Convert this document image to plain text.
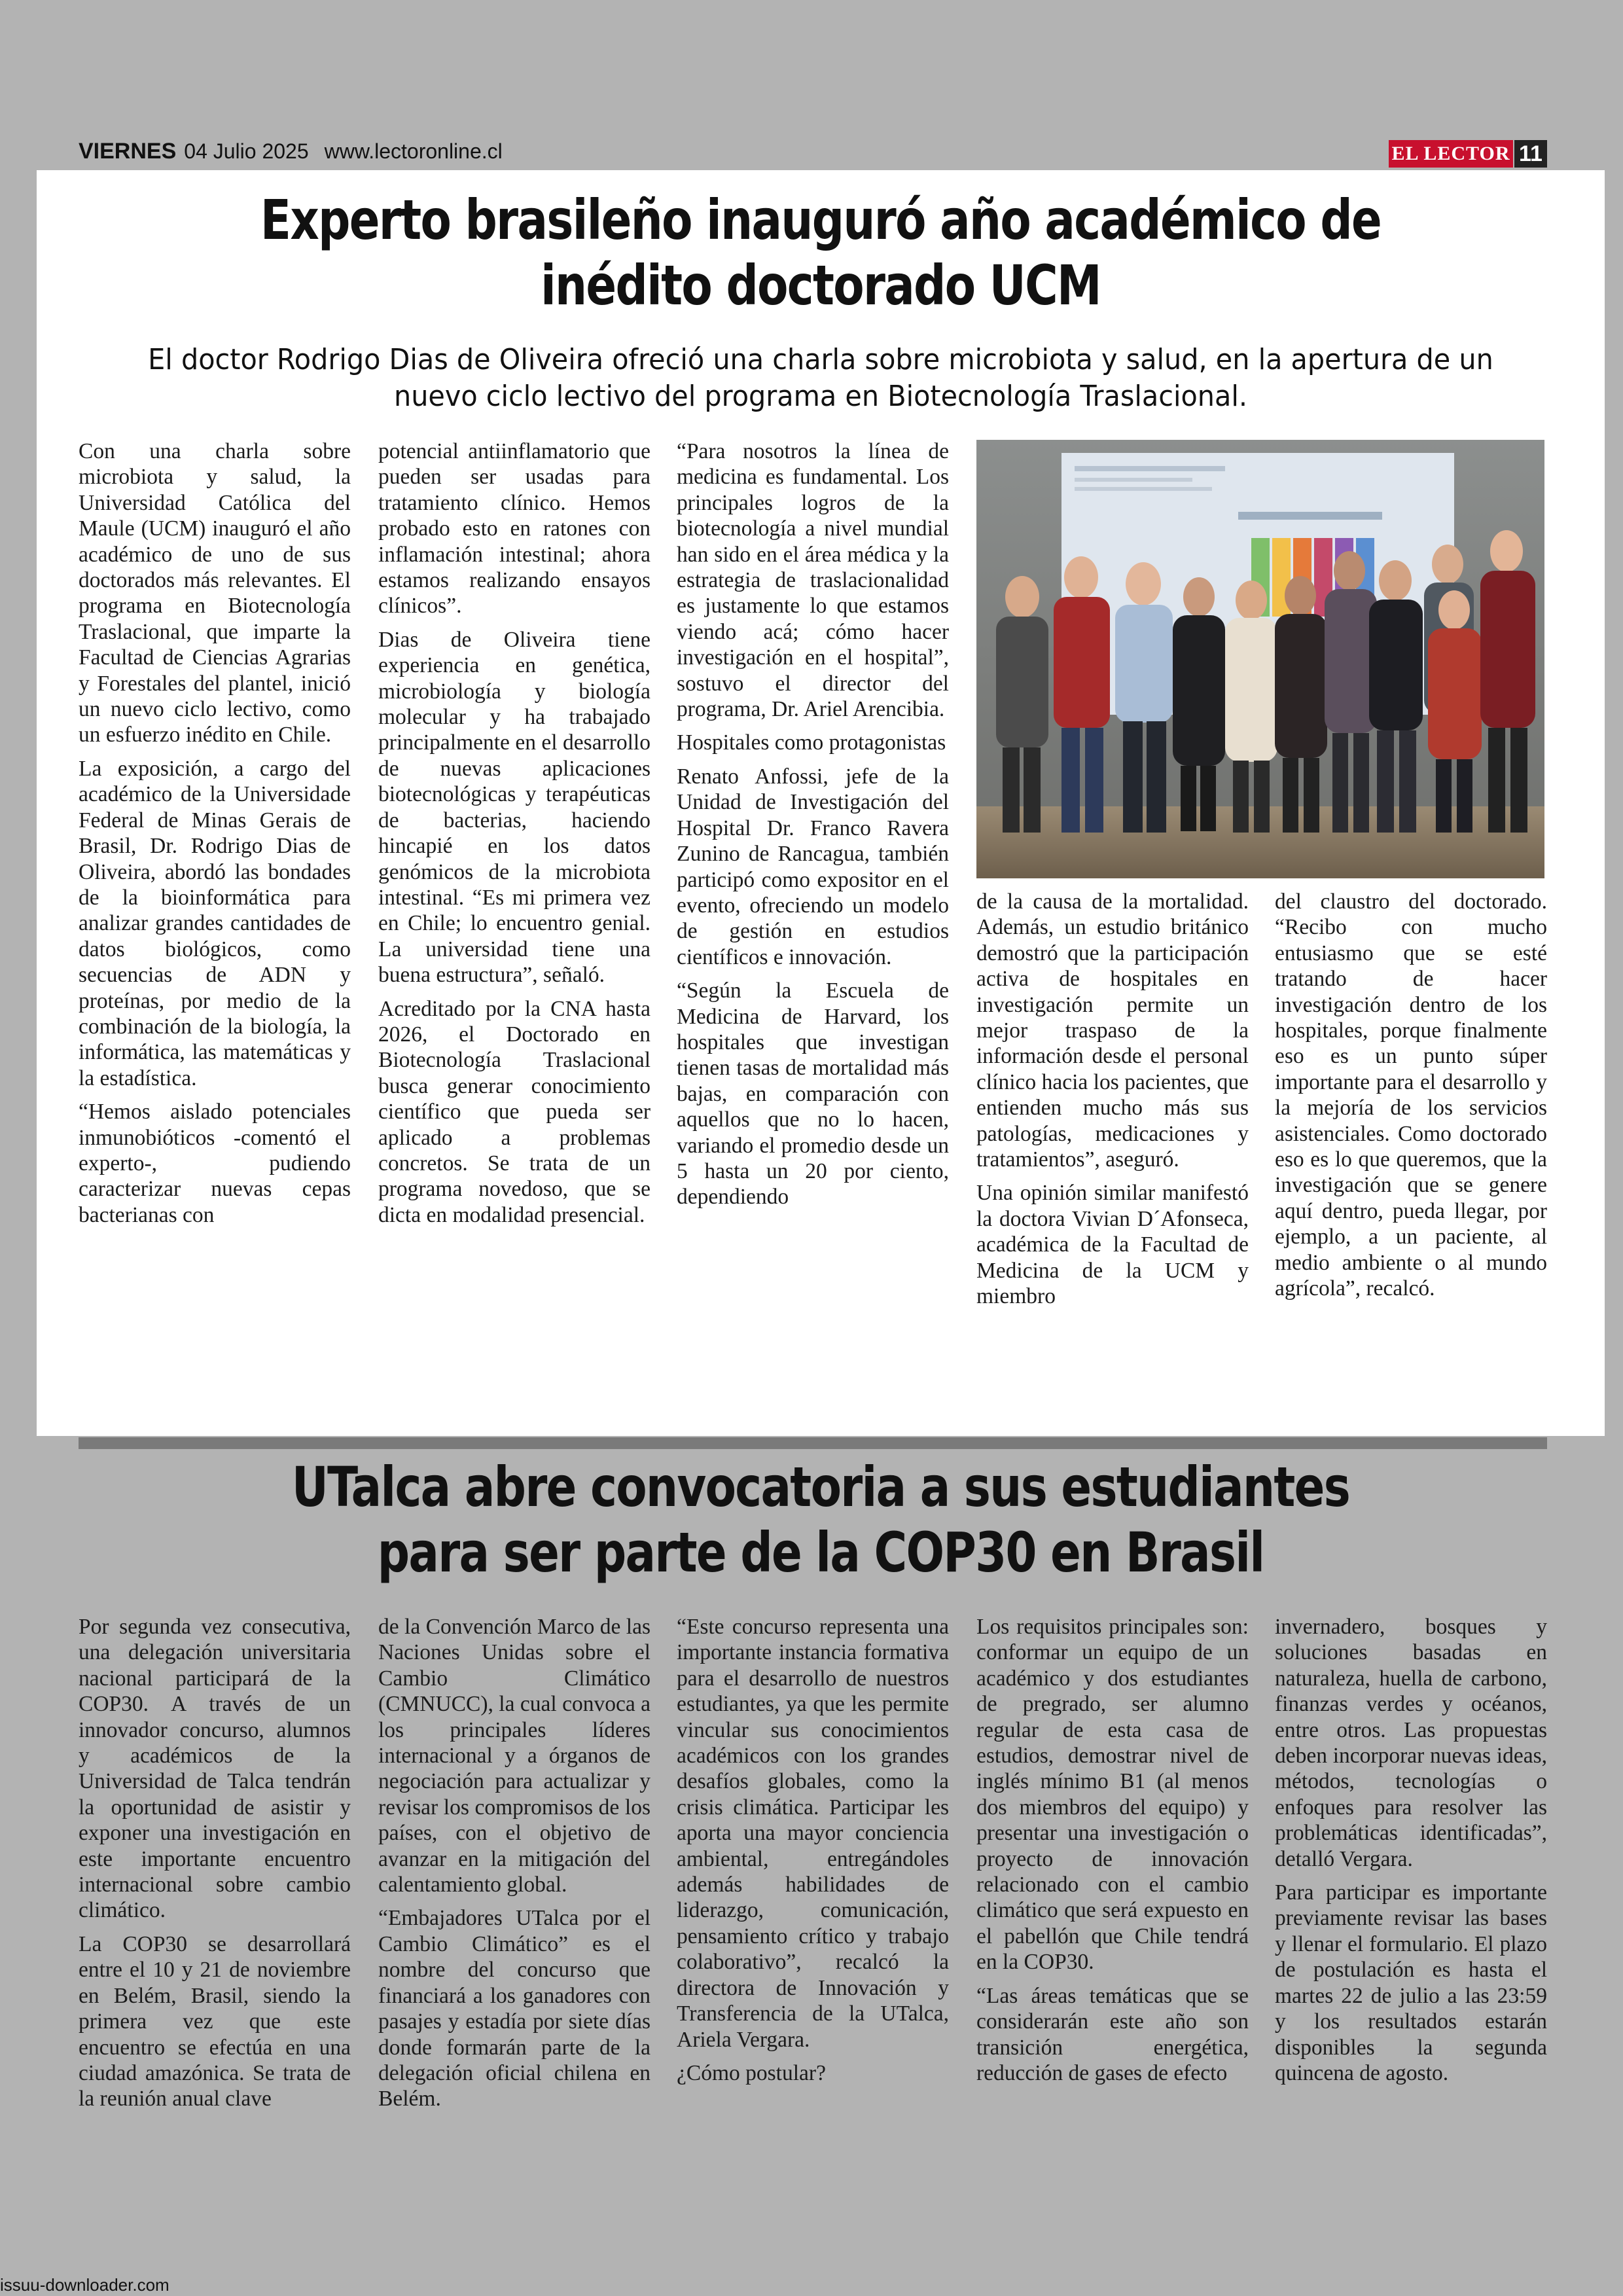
VIERNES 04 Julio 2025 www.lectoronline.cl	EL LECTOR 11
Experto brasileño inauguró año académico de
inédito doctorado UCM

El doctor Rodrigo Dias de Oliveira ofreció una charla sobre microbiota y salud, en la apertura de un nuevo ciclo lectivo del programa en Biotecnología Traslacional.

Con una charla sobre microbiota y salud, la Universidad Católica del Maule (UCM) inauguró el año académico de uno de sus doctorados más relevantes. El programa en Biotecnología Traslacional, que imparte la Facultad de Ciencias Agrarias y Forestales del plantel, inició un nuevo ciclo lectivo, como un esfuerzo inédito en Chile.

La exposición, a cargo del académico de la Universidade Federal de Minas Gerais de Brasil, Dr. Rodrigo Dias de Oliveira, abordó las bondades de la bioinformática para analizar grandes cantidades de datos biológicos, como secuencias de ADN y proteínas, por medio de la combinación de la biología, la informática, las matemáticas y la estadística.

“Hemos aislado potenciales inmunobióticos -comentó el experto-, pudiendo caracterizar nuevas cepas bacterianas con

potencial antiinflamatorio que pueden ser usadas para tratamiento clínico. Hemos probado esto en ratones con inflamación intestinal; ahora estamos realizando ensayos clínicos”.

Dias de Oliveira tiene experiencia en genética, microbiología y biología molecular y ha trabajado principalmente en el desarrollo de nuevas aplicaciones biotecnológicas y terapéuticas de bacterias, haciendo hincapié en los datos genómicos de la microbiota intestinal. “Es mi primera vez en Chile; lo encuentro genial. La universidad tiene una buena estructura”, señaló.

Acreditado por la CNA hasta 2026, el Doctorado en Biotecnología Traslacional busca generar conocimiento científico que pueda ser aplicado a problemas concretos. Se trata de un programa novedoso, que se dicta en modalidad presencial.

“Para nosotros la línea de medicina es fundamental. Los principales logros de la biotecnología a nivel mundial han sido en el área médica y la estrategia de traslacionalidad es justamente lo que estamos viendo acá; cómo hacer investigación en el hospital”, sostuvo el director del programa, Dr. Ariel Arencibia.

Hospitales como protagonistas

Renato Anfossi, jefe de la Unidad de Investigación del Hospital Dr. Franco Ravera Zunino de Rancagua, también participó como expositor en el evento, ofreciendo un modelo de gestión en estudios científicos e innovación.

“Según la Escuela de Medicina de Harvard, los hospitales que investigan tienen tasas de mortalidad más bajas, en comparación con aquellos que no lo hacen, variando el promedio desde un 5 hasta un 20 por ciento, dependiendo

de la causa de la mortalidad. Además, un estudio británico demostró que la participación activa de hospitales en investigación permite un mejor traspaso de la información desde el personal clínico hacia los pacientes, que entienden mucho más sus patologías, medicaciones y tratamientos”, aseguró.

Una opinión similar manifestó la doctora Vivian D´Afonseca, académica de la Facultad de Medicina de la UCM y miembro

del claustro del doctorado. “Recibo con mucho entusiasmo que se esté tratando de hacer investigación dentro de los hospitales, porque finalmente eso es un punto súper importante para el desarrollo y la mejoría de los servicios asistenciales. Como doctorado eso es lo que queremos, que la investigación que se genere aquí dentro, pueda llegar, por ejemplo, a un paciente, al medio ambiente o al mundo agrícola”, recalcó.

UTalca abre convocatoria a sus estudiantes
para ser parte de la COP30 en Brasil

Por segunda vez consecutiva, una delegación universitaria nacional participará de la COP30. A través de un innovador concurso, alumnos y académicos de la Universidad de Talca tendrán la oportunidad de asistir y exponer una investigación en este importante encuentro internacional sobre cambio climático.

La COP30 se desarrollará entre el 10 y 21 de noviembre en Belém, Brasil, siendo la primera vez que este encuentro se efectúa en una ciudad amazónica. Se trata de la reunión anual clave

de la Convención Marco de las Naciones Unidas sobre el Cambio Climático (CMNUCC), la cual convoca a los principales líderes internacional y a órganos de negociación para actualizar y revisar los compromisos de los países, con el objetivo de avanzar en la mitigación del calentamiento global.

“Embajadores UTalca por el Cambio Climático” es el nombre del concurso que financiará a los ganadores con pasajes y estadía por siete días donde formarán parte de la delegación oficial chilena en Belém.

“Este concurso representa una importante instancia formativa para el desarrollo de nuestros estudiantes, ya que les permite vincular sus conocimientos académicos con los grandes desafíos globales, como la crisis climática. Participar les aporta una mayor conciencia ambiental, entregándoles además habilidades de liderazgo, comunicación, pensamiento crítico y trabajo colaborativo”, recalcó la directora de Innovación y Transferencia de la UTalca, Ariela Vergara.

¿Cómo postular?

Los requisitos principales son: conformar un equipo de un académico y dos estudiantes de pregrado, ser alumno regular de esta casa de estudios, demostrar nivel de inglés mínimo B1 (al menos dos miembros del equipo) y presentar una investigación o proyecto de innovación relacionado con el cambio climático que será expuesto en el pabellón que Chile tendrá en la COP30.

“Las áreas temáticas que se considerarán este año son transición energética, reducción de gases de efecto

invernadero, bosques y soluciones basadas en naturaleza, huella de carbono, finanzas verdes y océanos, entre otros. Las propuestas deben incorporar nuevas ideas, métodos, tecnologías o enfoques para resolver las problemáticas identificadas”, detalló Vergara.

Para participar es importante previamente revisar las bases y llenar el formulario. El plazo de postulación es hasta el martes 22 de julio a las 23:59 y los resultados estarán disponibles la segunda quincena de agosto.

issuu-downloader.com
